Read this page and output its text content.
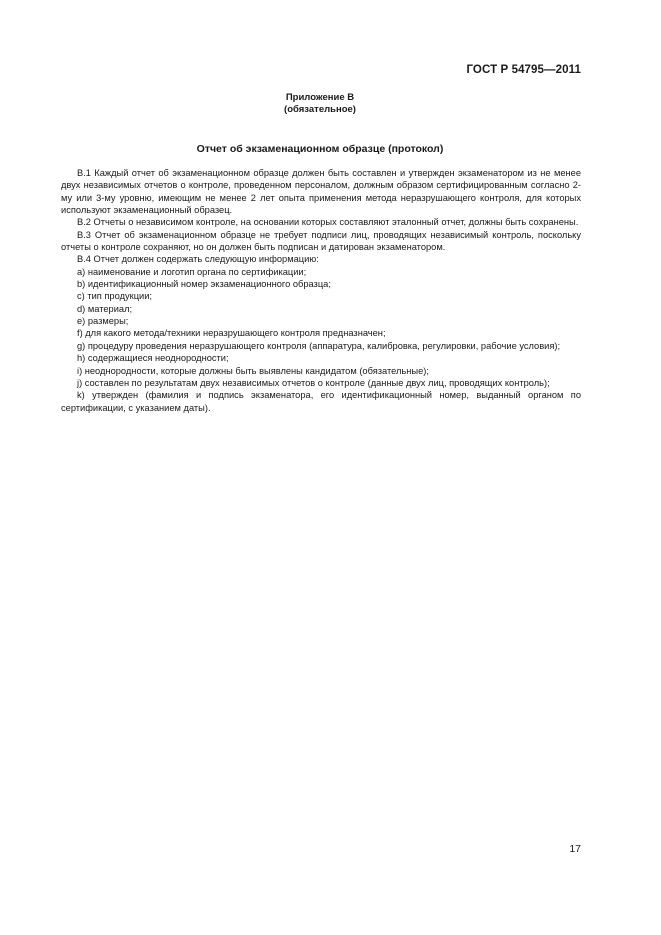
ГОСТ Р 54795—2011
Приложение В
(обязательное)
Отчет об экзаменационном образце (протокол)

В.1 Каждый отчет об экзаменационном образце должен быть составлен и утвержден экзаменатором из не менее двух независимых отчетов о контроле, проведенном персоналом, должным образом сертифицированным согласно 2-му или 3-му уровню, имеющим не менее 2 лет опыта применения метода неразрушающего контроля, для которых используют экзаменационный образец.

В.2 Отчеты о независимом контроле, на основании которых составляют эталонный отчет, должны быть сохранены.

В.3 Отчет об экзаменационном образце не требует подписи лиц, проводящих независимый контроль, поскольку отчеты о контроле сохраняют, но он должен быть подписан и датирован экзаменатором.

В.4 Отчет должен содержать следующую информацию:

а) наименование и логотип органа по сертификации;

b) идентификационный номер экзаменационного образца;

c) тип продукции;

d) материал;

e) размеры;

f) для какого метода/техники неразрушающего контроля предназначен;

g) процедуру проведения неразрушающего контроля (аппаратура, калибровка, регулировки, рабочие условия);

h) содержащиеся неоднородности;

i) неоднородности, которые должны быть выявлены кандидатом (обязательные);

j) составлен по результатам двух независимых отчетов о контроле (данные двух лиц, проводящих контроль);

k) утвержден (фамилия и подпись экзаменатора, его идентификационный номер, выданный органом по сертификации, с указанием даты).

17
